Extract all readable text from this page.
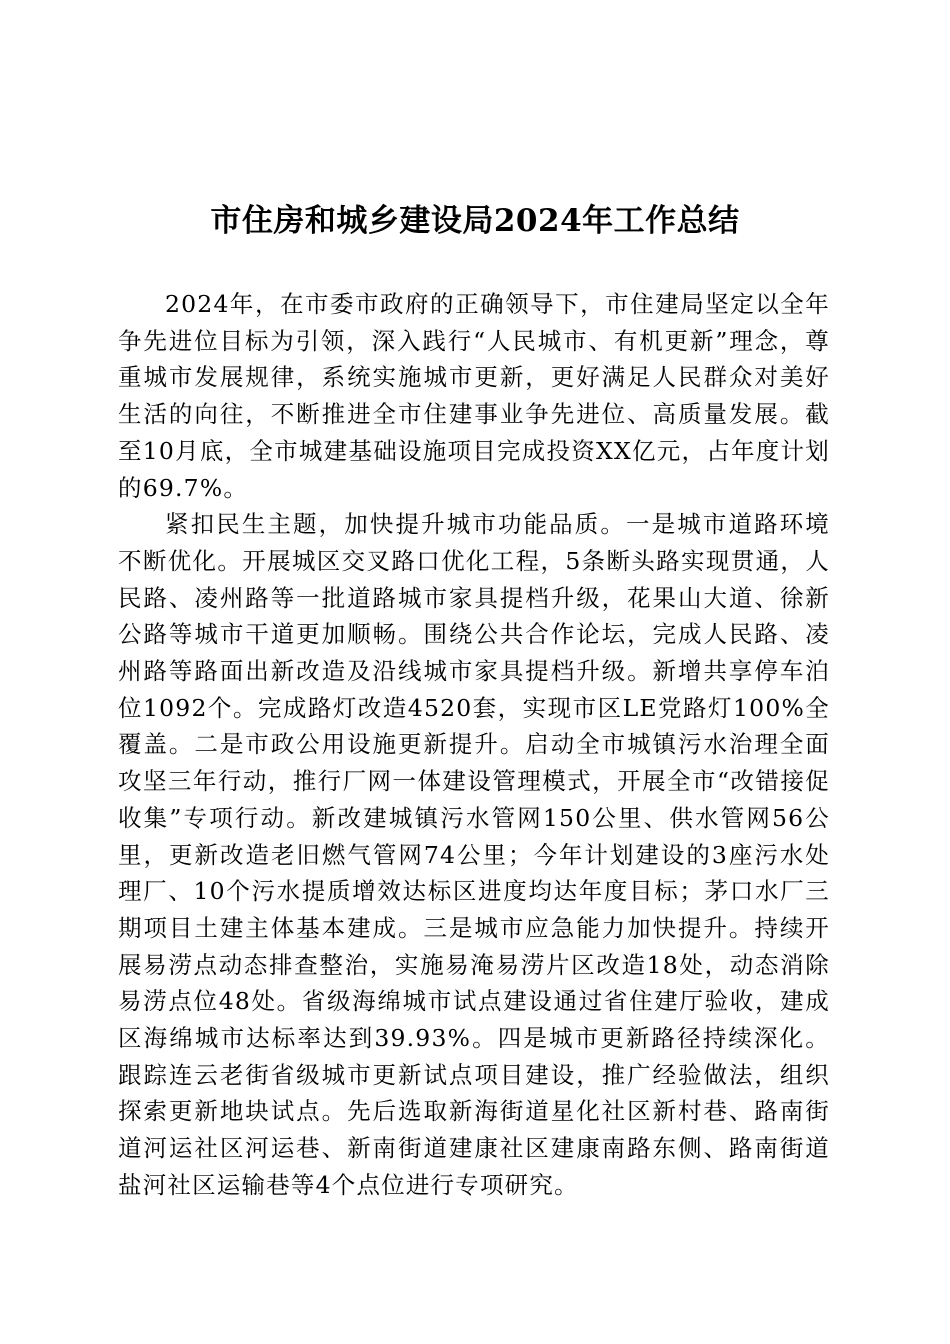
市住房和城乡建设局2024年工作总结

2024年，在市委市政府的正确领导下，市住建局坚定以全年争先进位目标为引领，深入践行“人民城市、有机更新”理念，尊重城市发展规律，系统实施城市更新，更好满足人民群众对美好生活的向往，不断推进全市住建事业争先进位、高质量发展。截至10月底，全市城建基础设施项目完成投资XX亿元，占年度计划的69.7%。

紧扣民生主题，加快提升城市功能品质。一是城市道路环境不断优化。开展城区交叉路口优化工程，5条断头路实现贯通，人民路、凌州路等一批道路城市家具提档升级，花果山大道、徐新公路等城市干道更加顺畅。围绕公共合作论坛，完成人民路、凌州路等路面出新改造及沿线城市家具提档升级。新增共享停车泊位1092个。完成路灯改造4520套，实现市区LE党路灯100%全覆盖。二是市政公用设施更新提升。启动全市城镇污水治理全面攻坚三年行动，推行厂网一体建设管理模式，开展全市“改错接促收集”专项行动。新改建城镇污水管网150公里、供水管网56公里，更新改造老旧燃气管网74公里；今年计划建设的3座污水处理厂、10个污水提质增效达标区进度均达年度目标；茅口水厂三期项目土建主体基本建成。三是城市应急能力加快提升。持续开展易涝点动态排查整治，实施易淹易涝片区改造18处，动态消除易涝点位48处。省级海绵城市试点建设通过省住建厅验收，建成区海绵城市达标率达到39.93%。四是城市更新路径持续深化。跟踪连云老街省级城市更新试点项目建设，推广经验做法，组织探索更新地块试点。先后选取新海街道星化社区新村巷、路南街道河运社区河运巷、新南街道建康社区建康南路东侧、路南街道盐河社区运输巷等4个点位进行专项研究。
